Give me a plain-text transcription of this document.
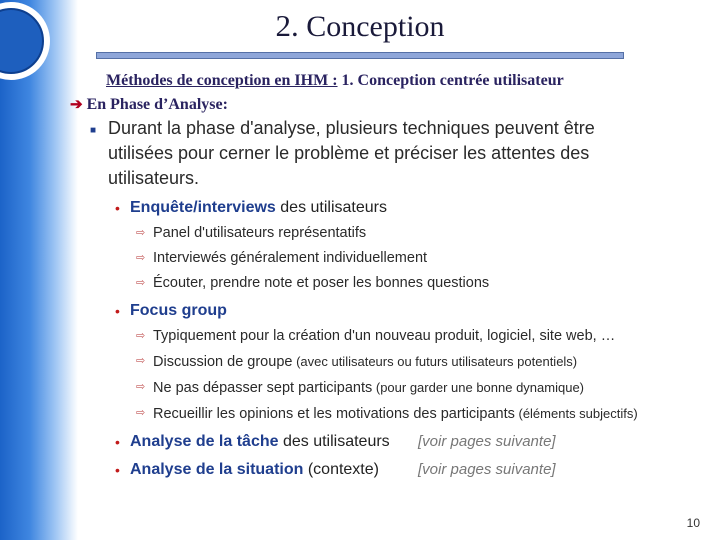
2. Conception
Méthodes de conception en IHM : 1. Conception centrée utilisateur
➔ En Phase d’Analyse:
■ Durant la phase d'analyse, plusieurs techniques peuvent être utilisées pour cerner le problème et préciser les attentes des utilisateurs.
• Enquête/interviews des utilisateurs
⇨ Panel d'utilisateurs représentatifs
⇨ Interviewés généralement individuellement
⇨ Écouter, prendre note et poser les bonnes questions
• Focus group
⇨ Typiquement pour la création d'un nouveau produit, logiciel, site web, …
⇨ Discussion de groupe (avec utilisateurs ou futurs utilisateurs potentiels)
⇨ Ne pas dépasser sept participants (pour garder une bonne dynamique)
⇨ Recueillir les opinions et les motivations des participants (éléments subjectifs)
• Analyse de la tâche des utilisateurs [voir pages suivante]
• Analyse de la situation (contexte)	[voir pages suivante]
10
